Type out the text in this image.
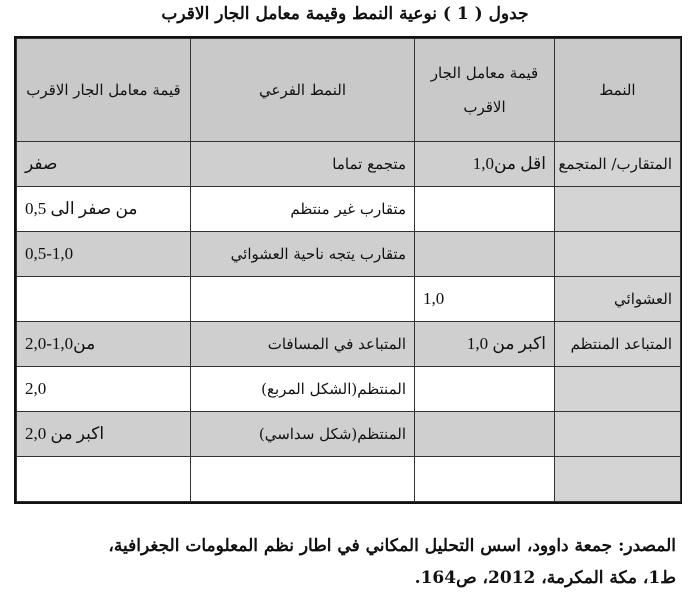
جدول ( 1 ) نوعية النمط وقيمة معامل الجار الاقرب
النمط	قيمة معامل الجار الاقرب	النمط الفرعي	قيمة معامل الجار الاقرب
المتقارب/ المتجمع	اقل من1,0	متجمع تماما	صفر
		متقارب غير منتظم	من صفر الى 0,5
		متقارب يتجه ناحية العشوائي	0,5-1,0
العشوائي	1,0		
المتباعد المنتظم	اكبر من 1,0	المتباعد في المسافات	من1,0-2,0
		المنتظم(الشكل المربع)	2,0
		المنتظم(شكل سداسي)	اكبر من 2,0

المصدر: جمعة داوود، اسس التحليل المكاني في اطار نظم المعلومات الجغرافية،
ط1، مكة المكرمة، 2012، ص164.
